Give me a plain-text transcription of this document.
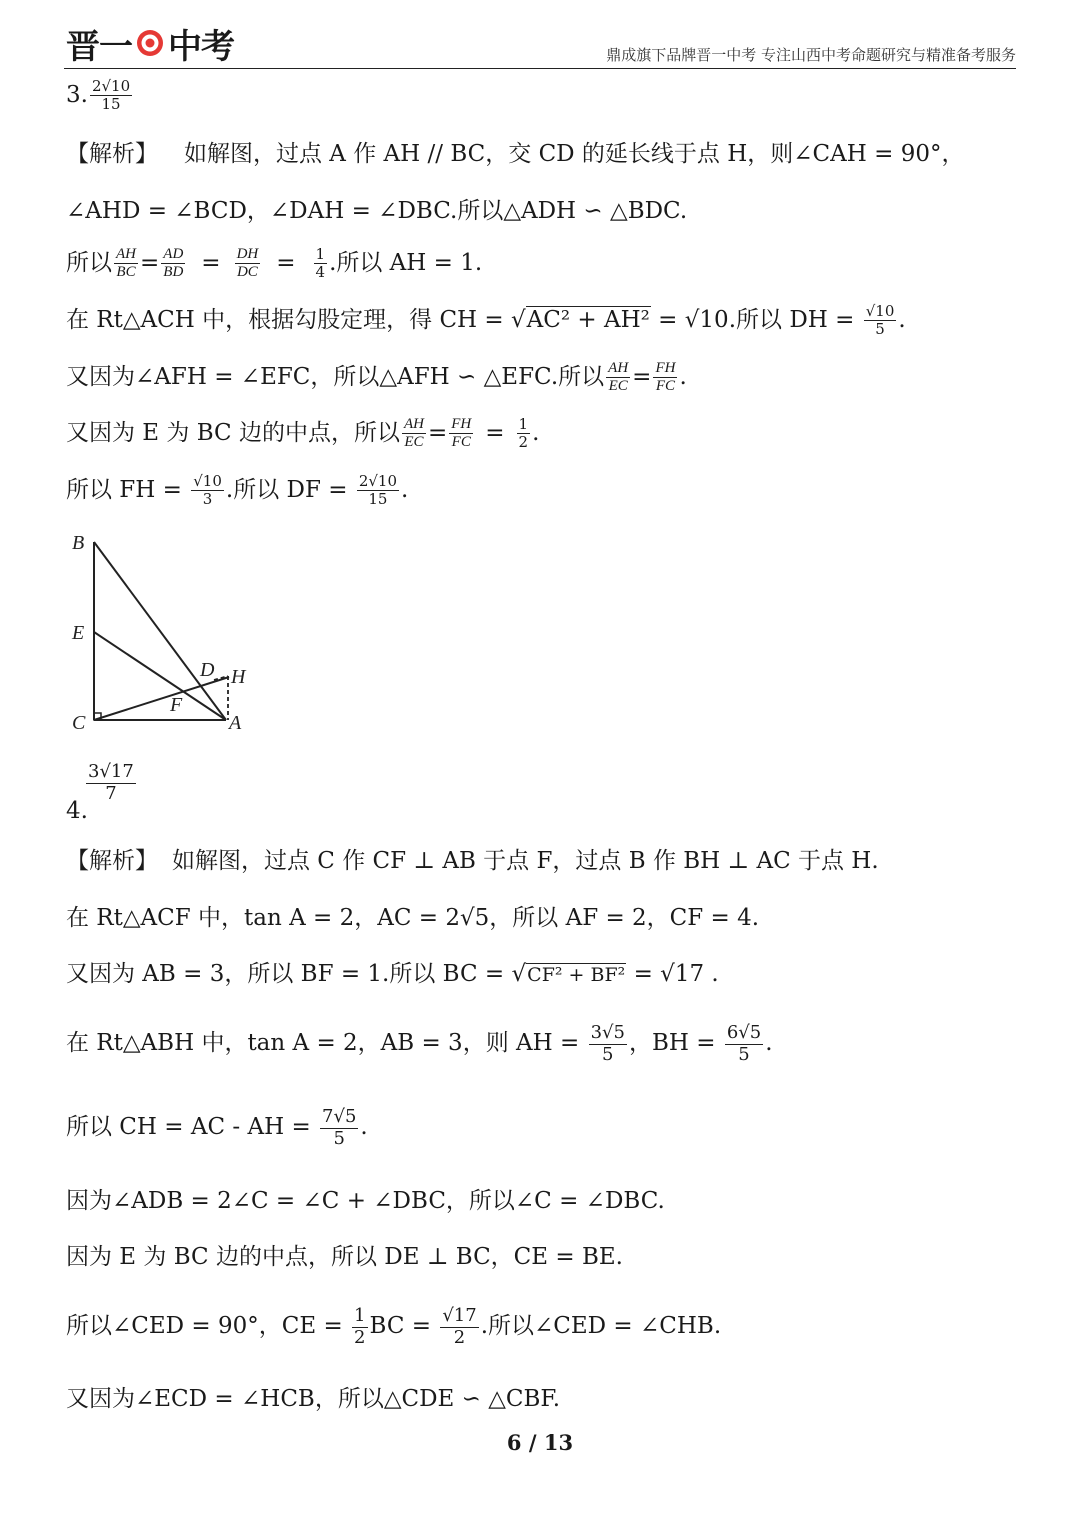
晋一 中考	鼎成旗下品牌晋一中考 专注山西中考命题研究与精准备考服务
3. $\frac{2√10}{15}$
【解析】 如解图，过点 A 作 AH // BC，交 CD 的延长线于点 H，则∠CAH = 90°，
∠AHD = ∠BCD，∠DAH = ∠DBC.所以△ADH ∽ △BDC.
所以 $\frac{AH}{BC} = \frac{AD}{BD} = \frac{DH}{DC} = \frac{1}{4}$ .所以 AH = 1.
在 Rt△ACH 中，根据勾股定理，得 CH = √AC² + AH² = √10.所以 DH = $\frac{√10}{5}$ .
又因为∠AFH = ∠EFC，所以△AFH ∽ △EFC.所以 $\frac{AH}{EC} = \frac{FH}{FC}$ .
又因为 E 为 BC 边的中点，所以 $\frac{AH}{EC} = \frac{FH}{FC} = \frac{1}{2}$ .
所以 FH = $\frac{√10}{3}$ .所以 DF = $\frac{2√10}{15}$ .
B
E
C
D H
F
A
$\frac{3√17}{7}$
4.
【解析】 如解图，过点 C 作 CF ⊥ AB 于点 F，过点 B 作 BH ⊥ AC 于点 H.
在 Rt△ACF 中，tan A = 2，AC = 2√5，所以 AF = 2，CF = 4.
又因为 AB = 3，所以 BF = 1.所以 BC = √CF² + BF² = √17 .
在 Rt△ABH 中，tan A = 2，AB = 3，则 AH = $\frac{3√5}{5}$ ，BH = $\frac{6√5}{5}$ .
所以 CH = AC - AH = $\frac{7√5}{5}$ .
因为∠ADB = 2∠C = ∠C + ∠DBC，所以∠C = ∠DBC.
因为 E 为 BC 边的中点，所以 DE ⊥ BC，CE = BE.
所以∠CED = 90°，CE = $\frac{1}{2}$ BC = $\frac{√17}{2}$ .所以∠CED = ∠CHB.
又因为∠ECD = ∠HCB，所以△CDE ∽ △CBF.
6 / 13
